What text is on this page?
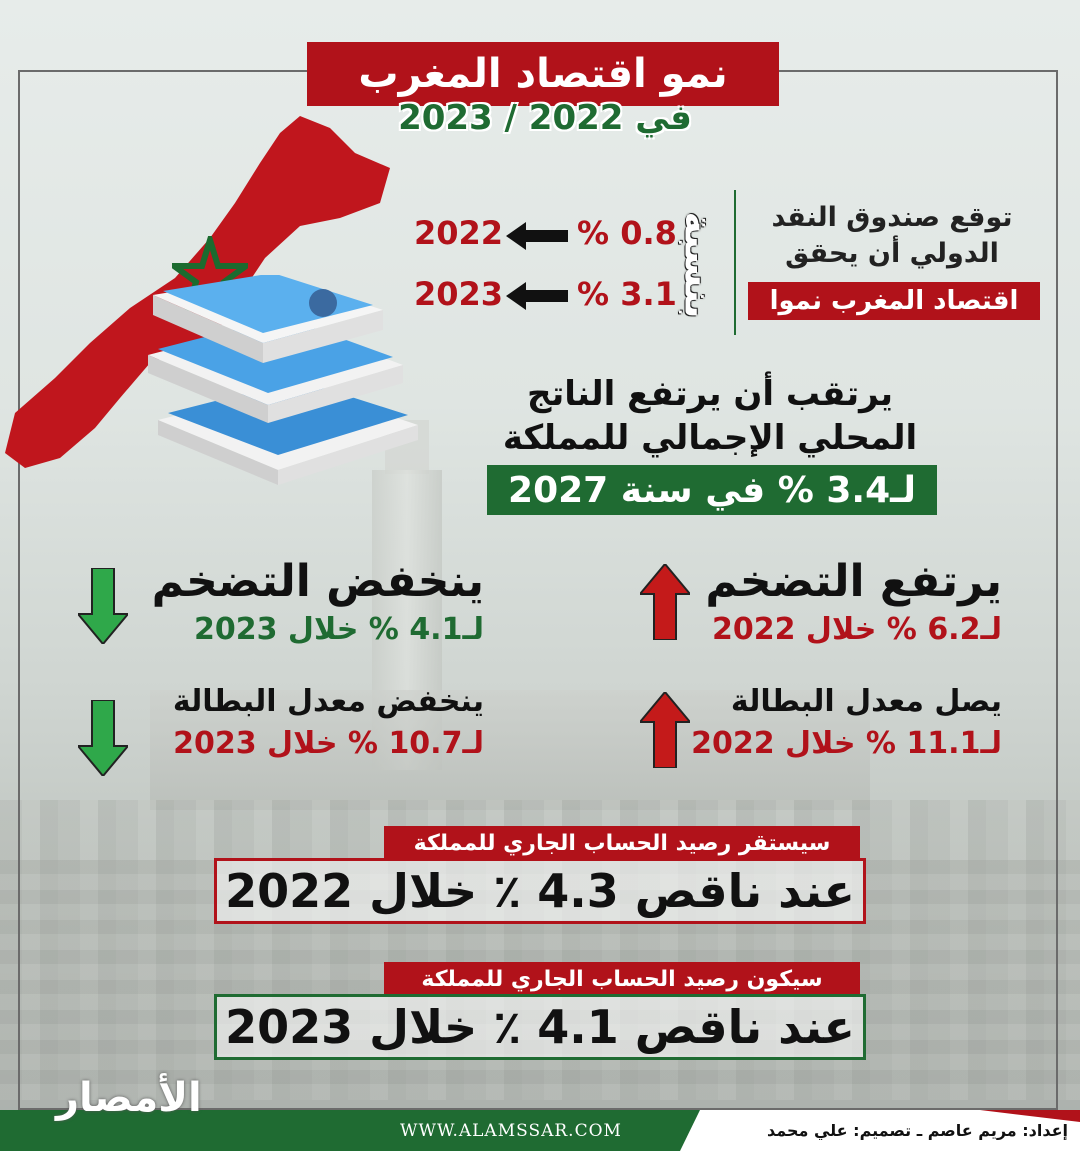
نمو اقتصاد المغرب
في 2022 / 2023
توقع صندوق النقد
الدولي أن يحقق
اقتصاد المغرب نموا
بنسبة
% 0.8
2022
% 3.1
2023
يرتقب أن يرتفع الناتج
المحلي الإجمالي للمملكة
لـ3.4 % في سنة 2027
يرتفع التضخم
لـ6.2 % خلال 2022
ينخفض التضخم
لـ4.1 % خلال 2023
يصل معدل البطالة
لـ11.1 % خلال 2022
ينخفض معدل البطالة
لـ10.7 % خلال 2023
سيستقر رصيد الحساب الجاري للمملكة
عند ناقص 4.3 ٪ خلال 2022
سيكون رصيد الحساب الجاري للمملكة
عند ناقص 4.1 ٪ خلال 2023
الأمصار
WWW.ALAMSSAR.COM	إعداد: مريم عاصم ـ تصميم: علي محمد
